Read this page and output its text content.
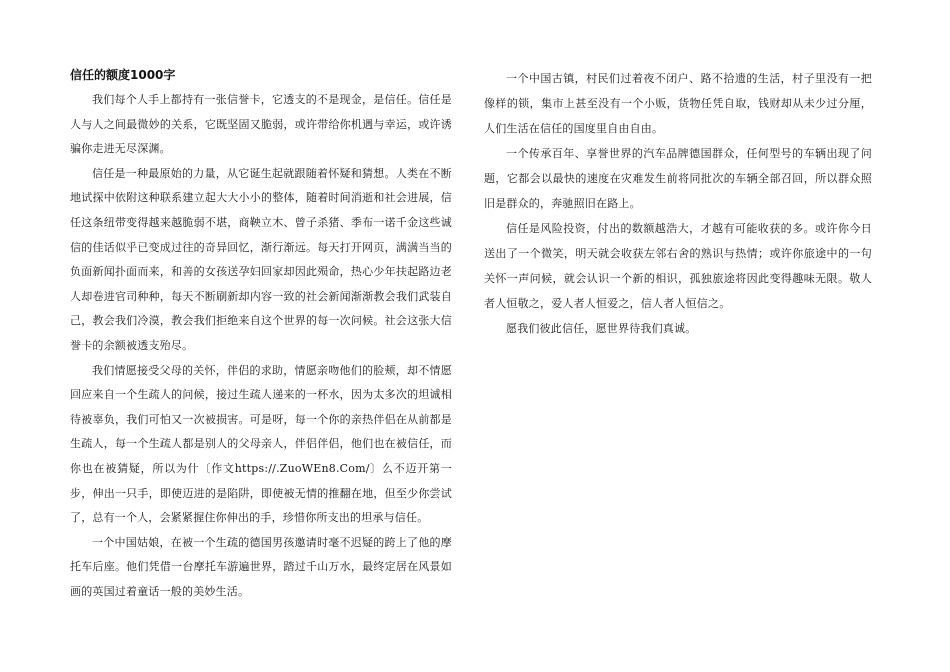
信任的额度1000字

我们每个人手上都持有一张信誉卡，它透支的不是现金，是信任。信任是人与人之间最微妙的关系，它既坚固又脆弱，或许带给你机遇与幸运，或许诱骗你走进无尽深渊。

信任是一种最原始的力量，从它诞生起就跟随着怀疑和猜想。人类在不断地试探中依附这种联系建立起大大小小的整体，随着时间消逝和社会进展，信任这条纽带变得越来越脆弱不堪，商鞅立木、曾子杀猪、季布一诺千金这些诚信的佳话似乎已变成过往的奇异回忆，渐行渐远。每天打开网页，满满当当的负面新闻扑面而来，和善的女孩送孕妇回家却因此殒命，热心少年扶起路边老人却卷进官司种种，每天不断刷新却内容一致的社会新闻渐渐教会我们武装自己，教会我们冷漠，教会我们拒绝来自这个世界的每一次问候。社会这张大信誉卡的余额被透支殆尽。

我们情愿接受父母的关怀，伴侣的求助，情愿亲吻他们的脸颊，却不情愿回应来自一个生疏人的问候，接过生疏人递来的一杯水，因为太多次的坦诚相待被辜负，我们可怕又一次被损害。可是呀，每一个你的亲热伴侣在从前都是生疏人，每一个生疏人都是别人的父母亲人，伴侣伴侣，他们也在被信任，而你也在被猜疑，所以为什〔作文https://.ZuoWEn8.Com/〕么不迈开第一步，伸出一只手，即使迈进的是陷阱，即使被无情的推翻在地，但至少你尝试了，总有一个人，会紧紧握住你伸出的手，珍惜你所支出的坦承与信任。

一个中国姑娘，在被一个生疏的德国男孩邀请时毫不迟疑的跨上了他的摩托车后座。他们凭借一台摩托车游遍世界，踏过千山万水，最终定居在风景如画的英国过着童话一般的美妙生活。

一个中国古镇，村民们过着夜不闭户、路不拾遗的生活，村子里没有一把像样的锁，集市上甚至没有一个小贩，货物任凭自取，钱财却从未少过分厘，人们生活在信任的国度里自由自由。

一个传承百年、享誉世界的汽车品牌德国群众，任何型号的车辆出现了问题，它都会以最快的速度在灾难发生前将同批次的车辆全部召回，所以群众照旧是群众的，奔驰照旧在路上。

信任是风险投资，付出的数额越浩大，才越有可能收获的多。或许你今日送出了一个微笑，明天就会收获左邻右舍的熟识与热情；或许你旅途中的一句关怀一声问候，就会认识一个新的相识，孤独旅途将因此变得趣味无限。敬人者人恒敬之，爱人者人恒爱之，信人者人恒信之。

愿我们彼此信任，愿世界待我们真诚。
